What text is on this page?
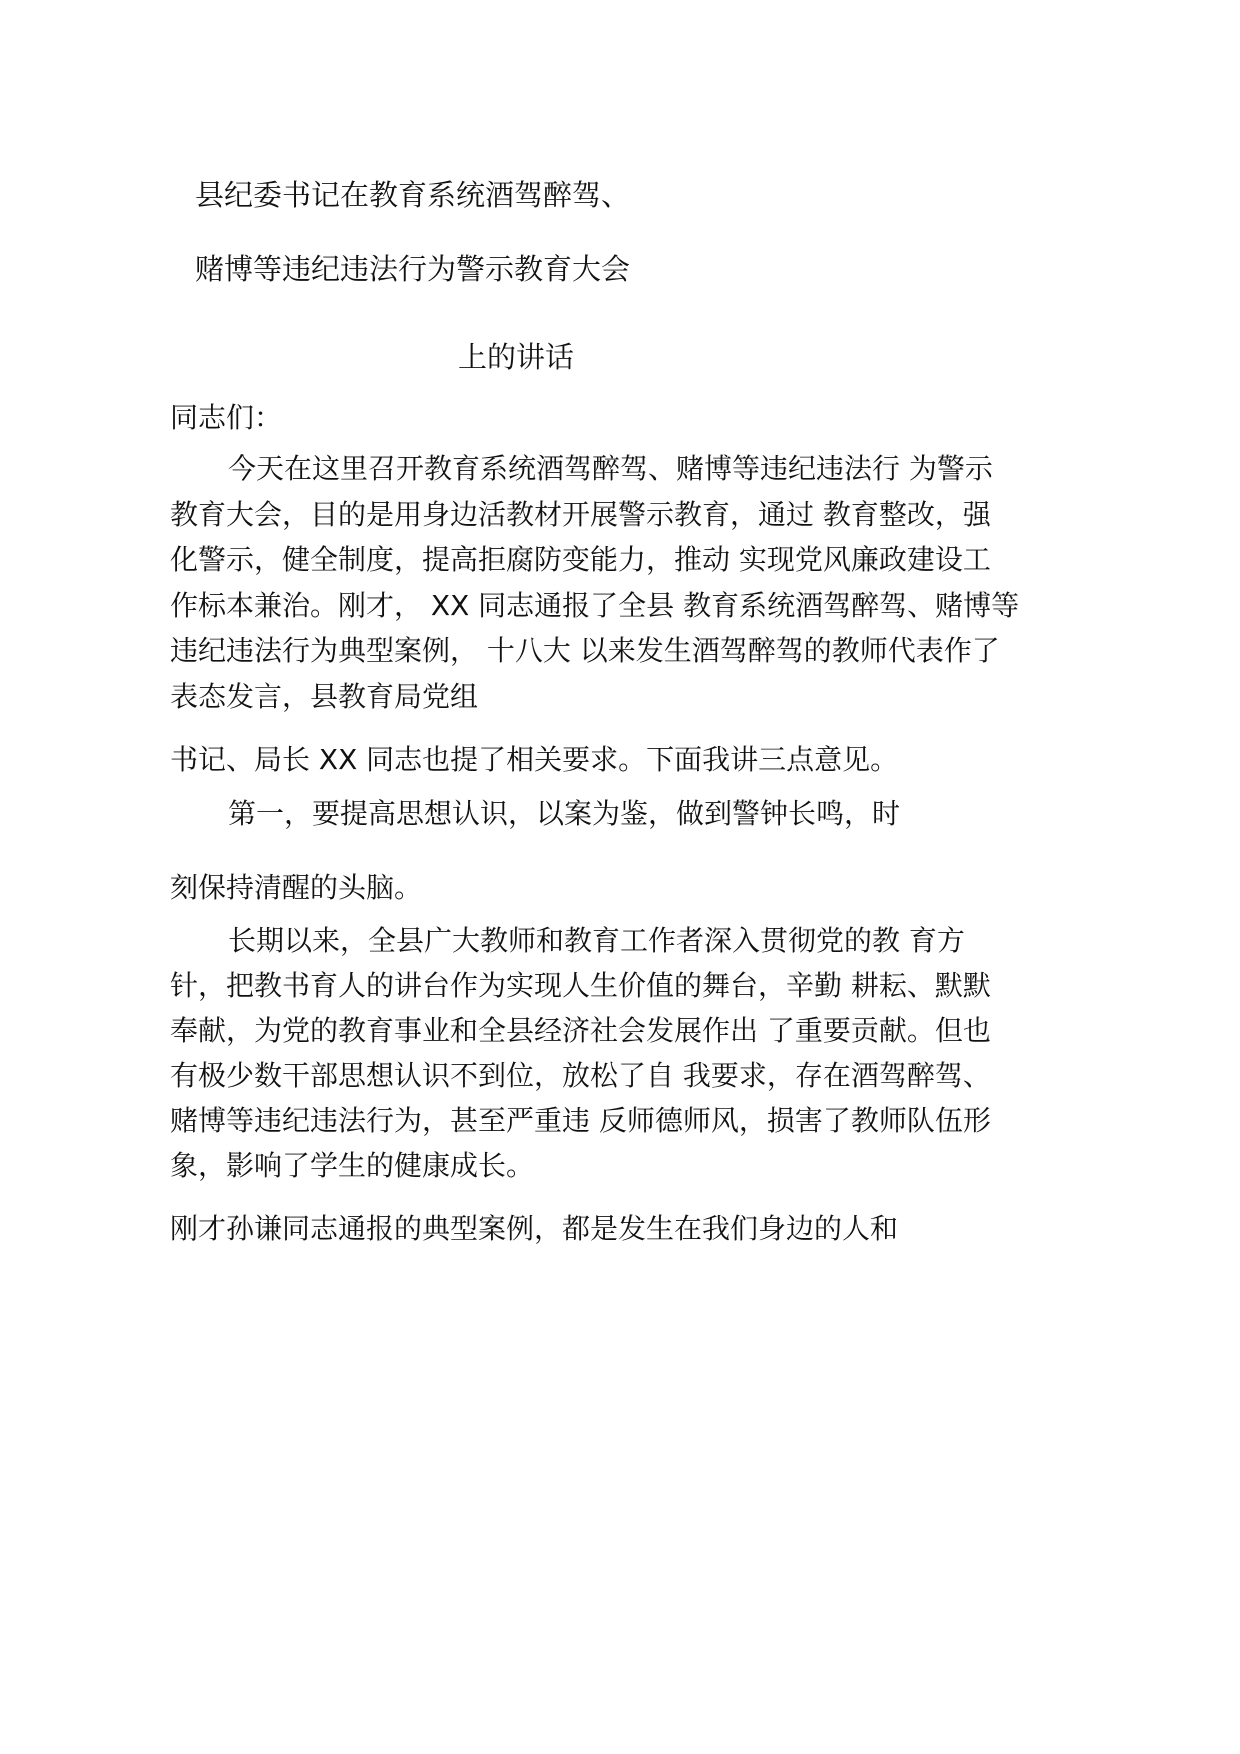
县纪委书记在教育系统酒驾醉驾、
赌博等违纪违法行为警示教育大会
上的讲话
同志们：
今天在这里召开教育系统酒驾醉驾、赌博等违纪违法行 为警示
教育大会，目的是用身边活教材开展警示教育，通过 教育整改，强
化警示，健全制度，提高拒腐防变能力，推动 实现党风廉政建设工
作标本兼治。刚才， XX 同志通报了全县 教育系统酒驾醉驾、赌博等
违纪违法行为典型案例， 十八大 以来发生酒驾醉驾的教师代表作了
表态发言，县教育局党组
书记、局长 XX 同志也提了相关要求。下面我讲三点意见。
第一，要提高思想认识，以案为鉴，做到警钟长鸣，时
刻保持清醒的头脑。
长期以来，全县广大教师和教育工作者深入贯彻党的教 育方
针，把教书育人的讲台作为实现人生价值的舞台，辛勤 耕耘、默默
奉献，为党的教育事业和全县经济社会发展作出 了重要贡献。但也
有极少数干部思想认识不到位，放松了自 我要求，存在酒驾醉驾、
赌博等违纪违法行为，甚至严重违 反师德师风，损害了教师队伍形
象，影响了学生的健康成长。
刚才孙谦同志通报的典型案例，都是发生在我们身边的人和
